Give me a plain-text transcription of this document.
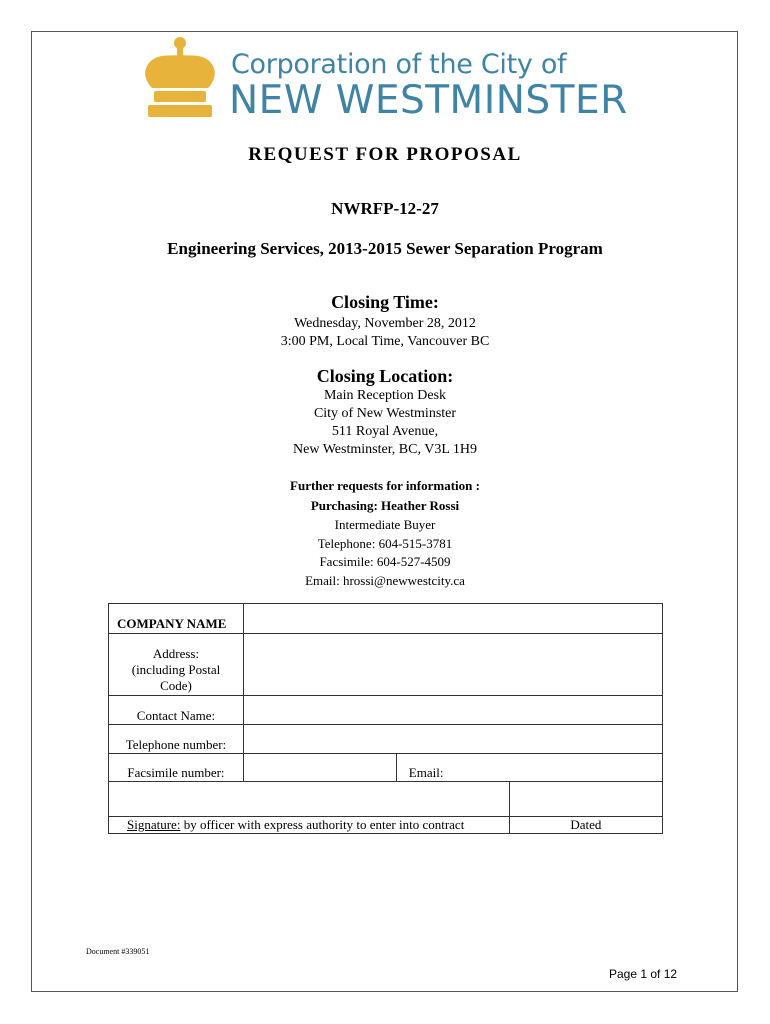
Corporation of the City of
NEW WESTMINSTER
REQUEST FOR PROPOSAL
NWRFP-12-27
Engineering Services, 2013-2015 Sewer Separation Program
Closing Time:
Wednesday, November 28, 2012
3:00 PM, Local Time, Vancouver BC
Closing Location:
Main Reception Desk
City of New Westminster
511 Royal Avenue,
New Westminster, BC, V3L 1H9
Further requests for information :
Purchasing: Heather Rossi
Intermediate Buyer
Telephone: 604-515-3781
Facsimile: 604-527-4509
Email: hrossi@newwestcity.ca
COMPANY NAME			

Address:
(including Postal
Code)			

Contact Name:			
Telephone number:			
Facsimile number:		Email:	

Signature: by officer with express authority to enter into contract			Dated
Document #339051
Page 1 of 12
